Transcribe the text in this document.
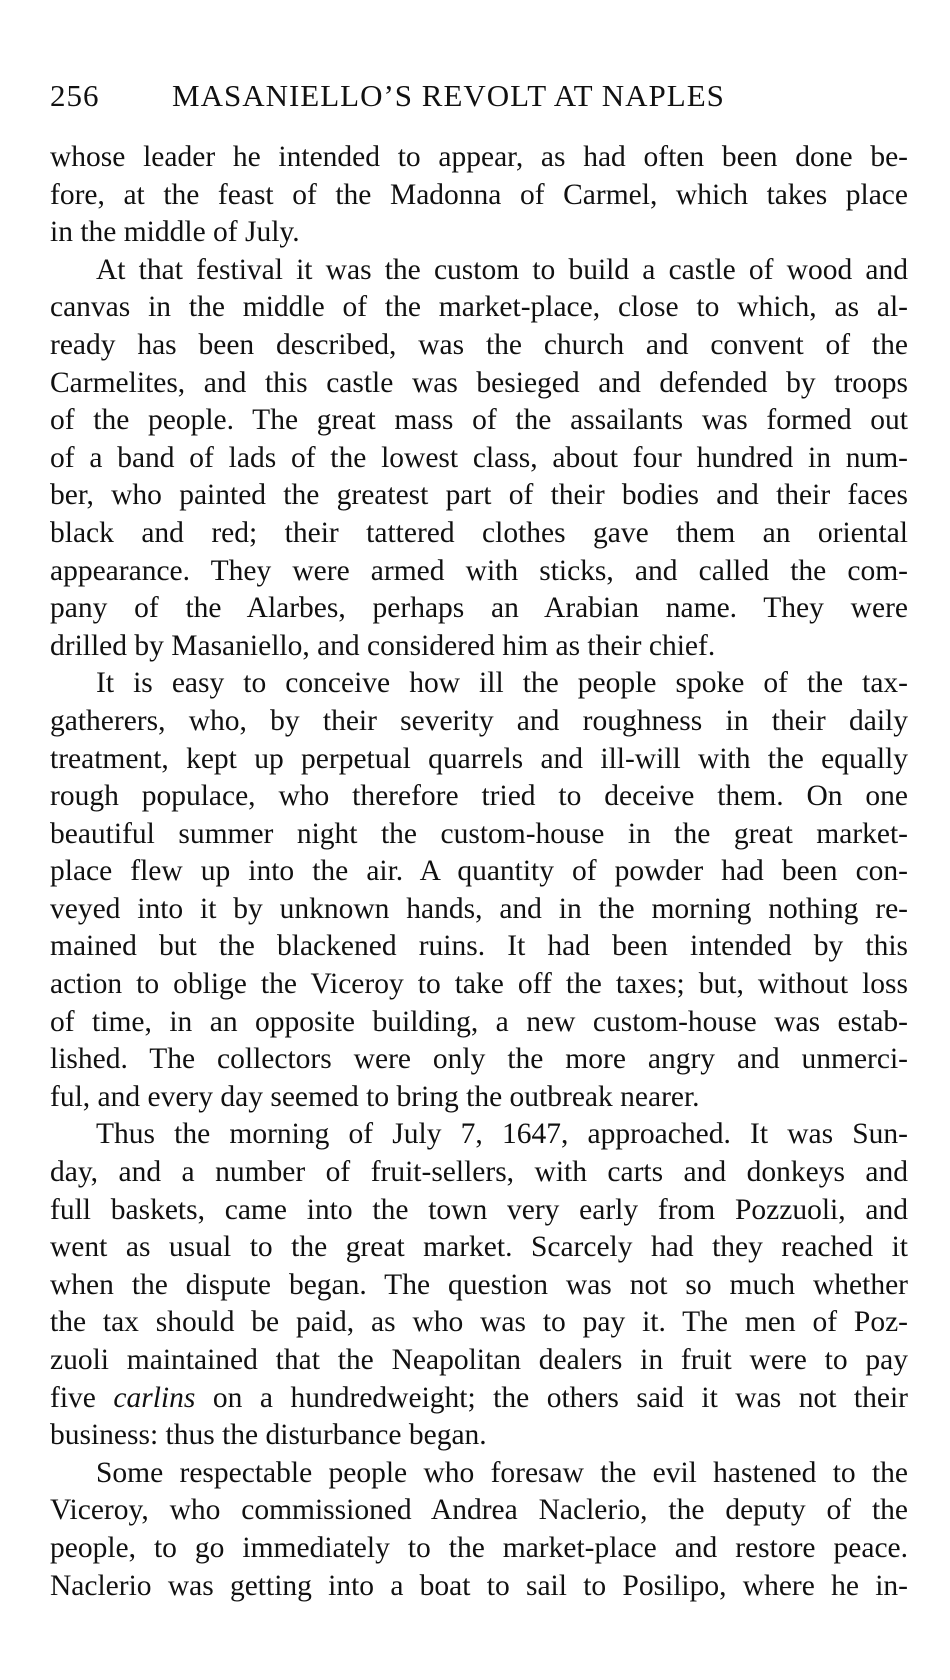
256 MASANIELLO’S REVOLT AT NAPLES
whose leader he intended to appear, as had often been done be-
fore, at the feast of the Madonna of Carmel, which takes place
in the middle of July.
At that festival it was the custom to build a castle of wood and
canvas in the middle of the market-place, close to which, as al-
ready has been described, was the church and convent of the
Carmelites, and this castle was besieged and defended by troops
of the people. The great mass of the assailants was formed out
of a band of lads of the lowest class, about four hundred in num-
ber, who painted the greatest part of their bodies and their faces
black and red; their tattered clothes gave them an oriental
appearance. They were armed with sticks, and called the com-
pany of the Alarbes, perhaps an Arabian name. They were
drilled by Masaniello, and considered him as their chief.
It is easy to conceive how ill the people spoke of the tax-
gatherers, who, by their severity and roughness in their daily
treatment, kept up perpetual quarrels and ill-will with the equally
rough populace, who therefore tried to deceive them. On one
beautiful summer night the custom-house in the great market-
place flew up into the air. A quantity of powder had been con-
veyed into it by unknown hands, and in the morning nothing re-
mained but the blackened ruins. It had been intended by this
action to oblige the Viceroy to take off the taxes; but, without loss
of time, in an opposite building, a new custom-house was estab-
lished. The collectors were only the more angry and unmerci-
ful, and every day seemed to bring the outbreak nearer.
Thus the morning of July 7, 1647, approached. It was Sun-
day, and a number of fruit-sellers, with carts and donkeys and
full baskets, came into the town very early from Pozzuoli, and
went as usual to the great market. Scarcely had they reached it
when the dispute began. The question was not so much whether
the tax should be paid, as who was to pay it. The men of Poz-
zuoli maintained that the Neapolitan dealers in fruit were to pay
five carlins on a hundredweight; the others said it was not their
business: thus the disturbance began.
Some respectable people who foresaw the evil hastened to the
Viceroy, who commissioned Andrea Naclerio, the deputy of the
people, to go immediately to the market-place and restore peace.
Naclerio was getting into a boat to sail to Posilipo, where he in-
